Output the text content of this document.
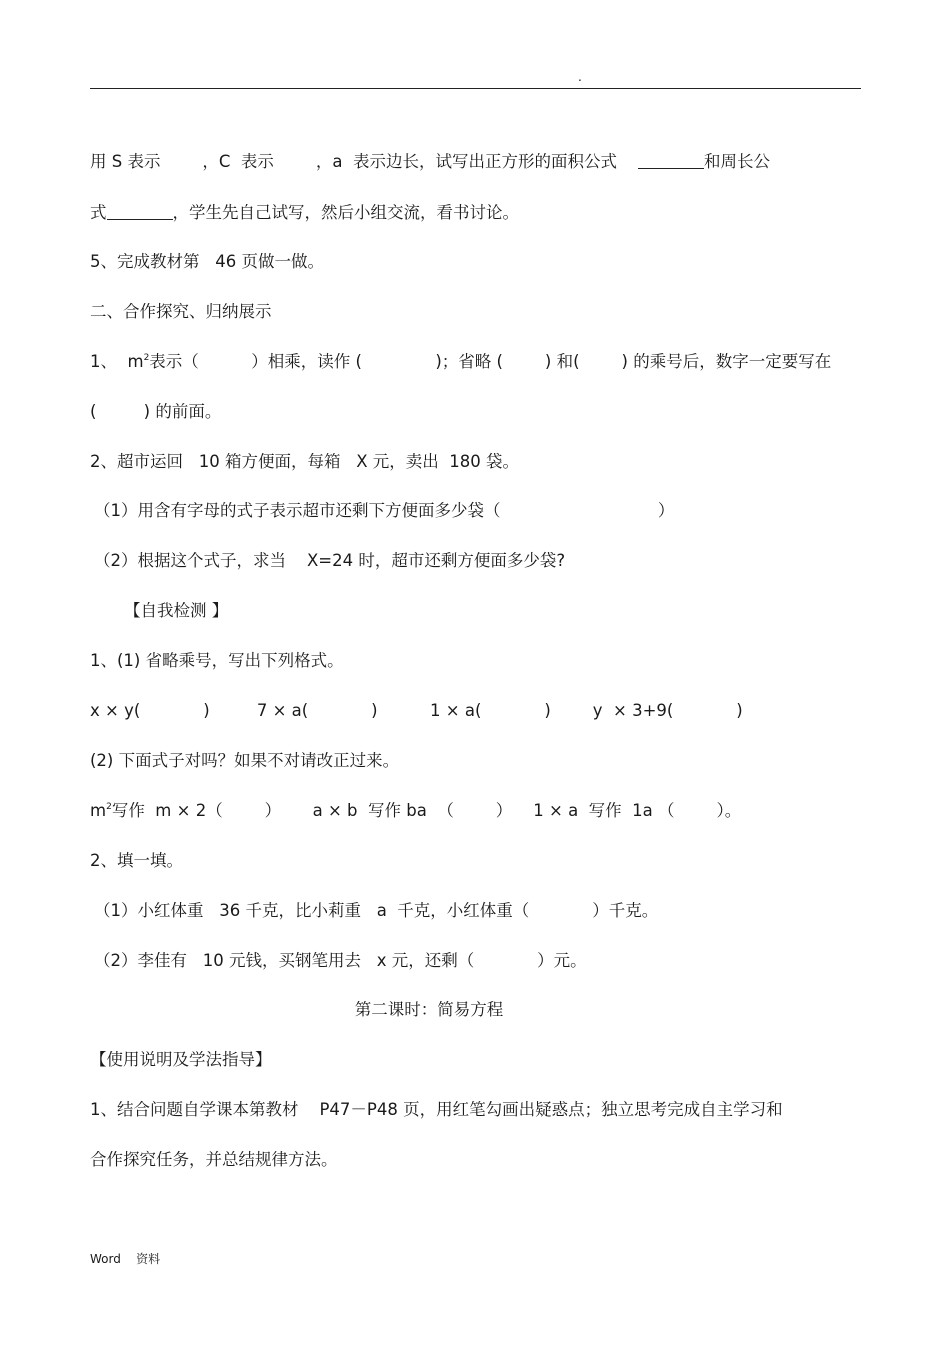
.
用 S 表示        ，C  表示        ，a  表示边长，试写出正方形的面积公式	和周长公
式	，学生先自己试写，然后小组交流，看书讨论。
5、完成教材第   46 页做一做。
二、合作探究、归纳展示
1、  $m^2$表示（          ）相乘，读作 (              )；省略 (        ) 和(        ) 的乘号后，数字一定要写在
(         ) 的前面。
2、超市运回   10 箱方便面，每箱   X 元，卖出  180 袋。
（1）用含有字母的式子表示超市还剩下方便面多少袋（                              ）
（2）根据这个式子，求当    X=24 时，超市还剩方便面多少袋?
【自我检测 】
1、(1) 省略乘号，写出下列格式。
x × y(            )         7 × a(            )          1 × a(            )        y  × 3+9(            )
(2) 下面式子对吗？如果不对请改正过来。
$m^2$写作  m × 2（        ）      a × b  写作 ba  （        ）    1 × a  写作  1a （        ）。
2、填一填。
（1）小红体重   36 千克，比小莉重   a  千克，小红体重（            ）千克。
（2）李佳有   10 元钱，买钢笔用去   x 元，还剩（            ）元。
第二课时：简易方程
【使用说明及学法指导】
1、结合问题自学课本第教材    P47－P48 页，用红笔勾画出疑惑点；独立思考完成自主学习和
合作探究任务，并总结规律方法。
Word    资料
